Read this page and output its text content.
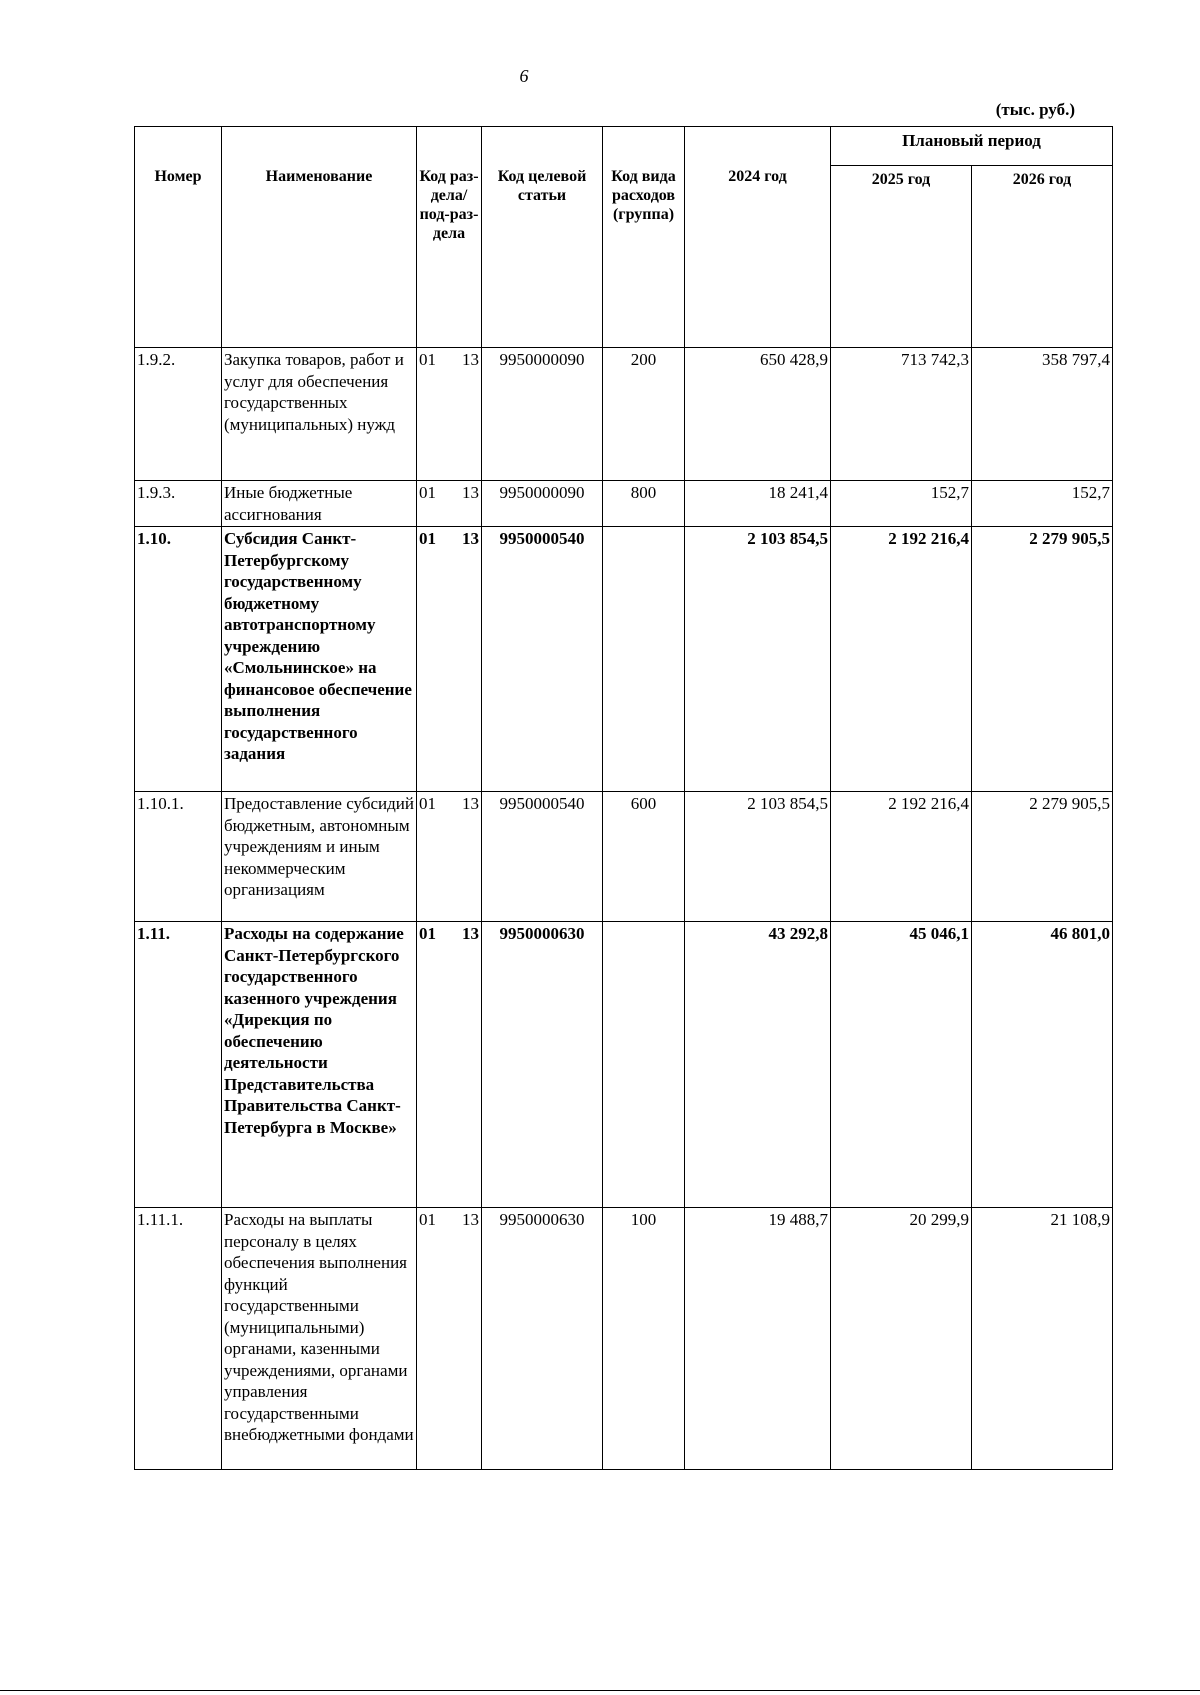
6
(тыс. руб.)
Номер	Наименование	Код раз-дела/ под-раз-дела	Код целевой статьи	Код вида расходов (группа)	2024 год	Плановый период	
						2025 год	2026 год
1.9.2.	Закупка товаров, работ и услуг для обеспечения государственных (муниципальных) нужд	01 13	9950000090	200	650 428,9	713 742,3	358 797,4
1.9.3.	Иные бюджетные ассигнования	01 13	9950000090	800	18 241,4	152,7	152,7
1.10.	Субсидия Санкт-Петербургскому государственному бюджетному автотранспортному учреждению «Смольнинское» на финансовое обеспечение выполнения государственного задания	01 13	9950000540		2 103 854,5	2 192 216,4	2 279 905,5
1.10.1.	Предоставление субсидий бюджетным, автономным учреждениям и иным некоммерческим организациям	01 13	9950000540	600	2 103 854,5	2 192 216,4	2 279 905,5
1.11.	Расходы на содержание Санкт-Петербургского государственного казенного учреждения «Дирекция по обеспечению деятельности Представительства Правительства Санкт-Петербурга в Москве»	01 13	9950000630		43 292,8	45 046,1	46 801,0
1.11.1.	Расходы на выплаты персоналу в целях обеспечения выполнения функций государственными (муниципальными) органами, казенными учреждениями, органами управления государственными внебюджетными фондами	01 13	9950000630	100	19 488,7	20 299,9	21 108,9
